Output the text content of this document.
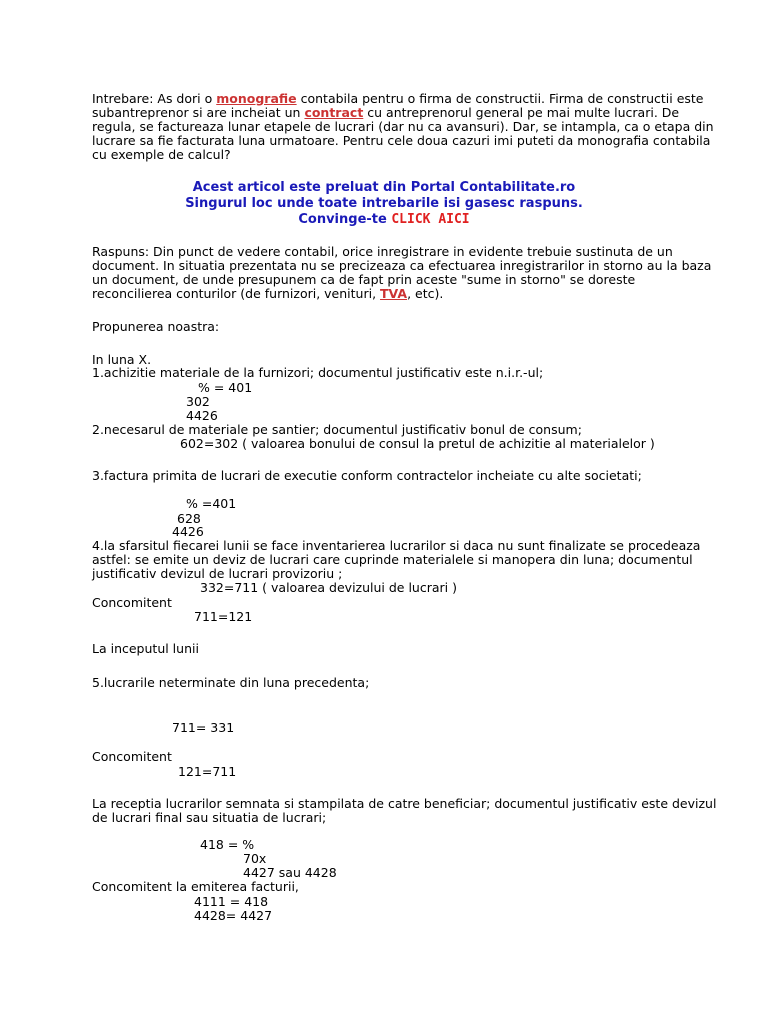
Intrebare: As dori o monografie contabila pentru o firma de constructii. Firma de constructii este
subantreprenor si are incheiat un contract cu antreprenorul general pe mai multe lucrari. De
regula, se factureaza lunar etapele de lucrari (dar nu ca avansuri). Dar, se intampla, ca o etapa din
lucrare sa fie facturata luna urmatoare. Pentru cele doua cazuri imi puteti da monografia contabila
cu exemple de calcul?
Acest articol este preluat din Portal Contabilitate.ro
Singurul loc unde toate intrebarile isi gasesc raspuns.
Convinge-te CLICK AICI
Raspuns: Din punct de vedere contabil, orice inregistrare in evidente trebuie sustinuta de un
document. In situatia prezentata nu se precizeaza ca efectuarea inregistrarilor in storno au la baza
un document, de unde presupunem ca de fapt prin aceste "sume in storno" se doreste
reconcilierea conturilor (de furnizori, venituri, TVA, etc).
Propunerea noastra:
In luna X.
1.achizitie materiale de la furnizori; documentul justificativ este n.i.r.-ul;
% = 401
302
4426
2.necesarul de materiale pe santier; documentul justificativ bonul de consum;
602=302 ( valoarea bonului de consul la pretul de achizitie al materialelor )
3.factura primita de lucrari de executie conform contractelor incheiate cu alte societati;
% =401
628
4426
4.la sfarsitul fiecarei lunii se face inventarierea lucrarilor si daca nu sunt finalizate se procedeaza
astfel: se emite un deviz de lucrari care cuprinde materialele si manopera din luna; documentul
justificativ devizul de lucrari provizoriu ;
332=711 ( valoarea devizului de lucrari )
Concomitent
711=121
La inceputul lunii
5.lucrarile neterminate din luna precedenta;
711= 331
Concomitent
121=711
La receptia lucrarilor semnata si stampilata de catre beneficiar; documentul justificativ este devizul
de lucrari final sau situatia de lucrari;
418 = %
70x
4427 sau 4428
Concomitent la emiterea facturii,
4111 = 418
4428= 4427
